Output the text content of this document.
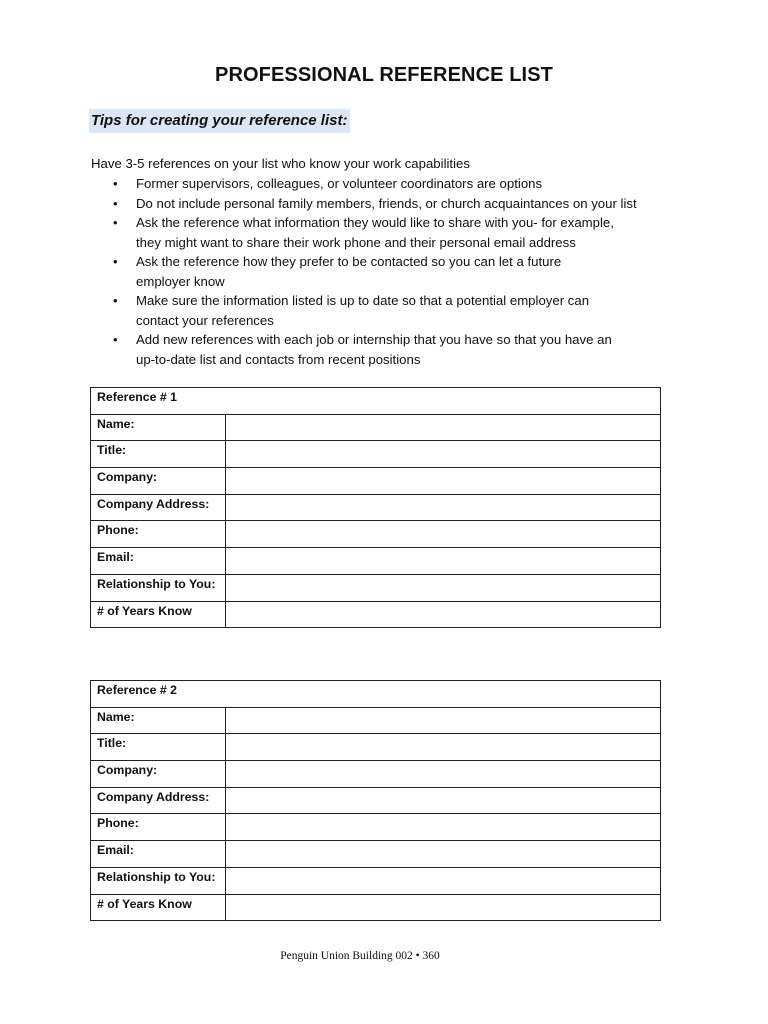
PROFESSIONAL REFERENCE LIST
Tips for creating your reference list:
Have 3-5 references on your list who know your work capabilities
• Former supervisors, colleagues, or volunteer coordinators are options
• Do not include personal family members, friends, or church acquaintances on your list
• Ask the reference what information they would like to share with you- for example,
they might want to share their work phone and their personal email address
• Ask the reference how they prefer to be contacted so you can let a future
employer know
• Make sure the information listed is up to date so that a potential employer can
contact your references
• Add new references with each job or internship that you have so that you have an
up-to-date list and contacts from recent positions
Reference # 1	
Name:	
Title:	
Company:	
Company Address:	
Phone:	
Email:	
Relationship to You:	
# of Years Know	
Reference # 2	
Name:	
Title:	
Company:	
Company Address:	
Phone:	
Email:	
Relationship to You:	
# of Years Know	
Penguin Union Building 002 • 360
